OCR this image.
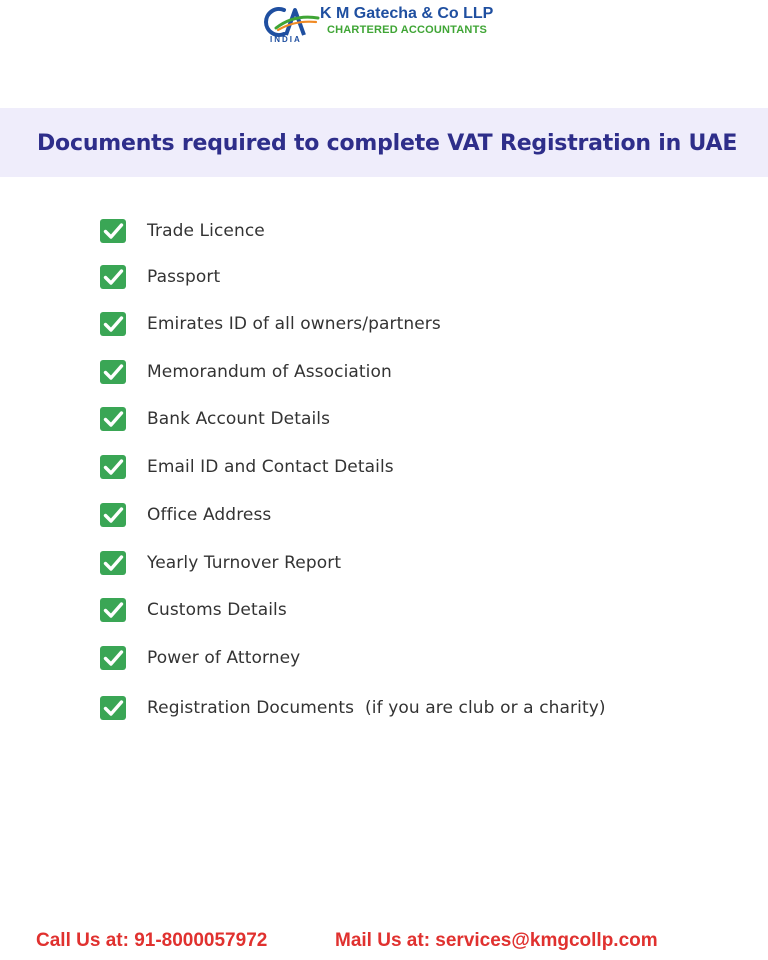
INDIA
K M Gatecha & Co LLP
CHARTERED ACCOUNTANTS
Documents required to complete VAT Registration in UAE
Trade Licence
Passport
Emirates ID of all owners/partners
Memorandum of Association
Bank Account Details
Email ID and Contact Details
Office Address
Yearly Turnover Report
Customs Details
Power of Attorney
Registration Documents  (if you are club or a charity)
Call Us at: 91-8000057972	Mail Us at: services@kmgcollp.com
